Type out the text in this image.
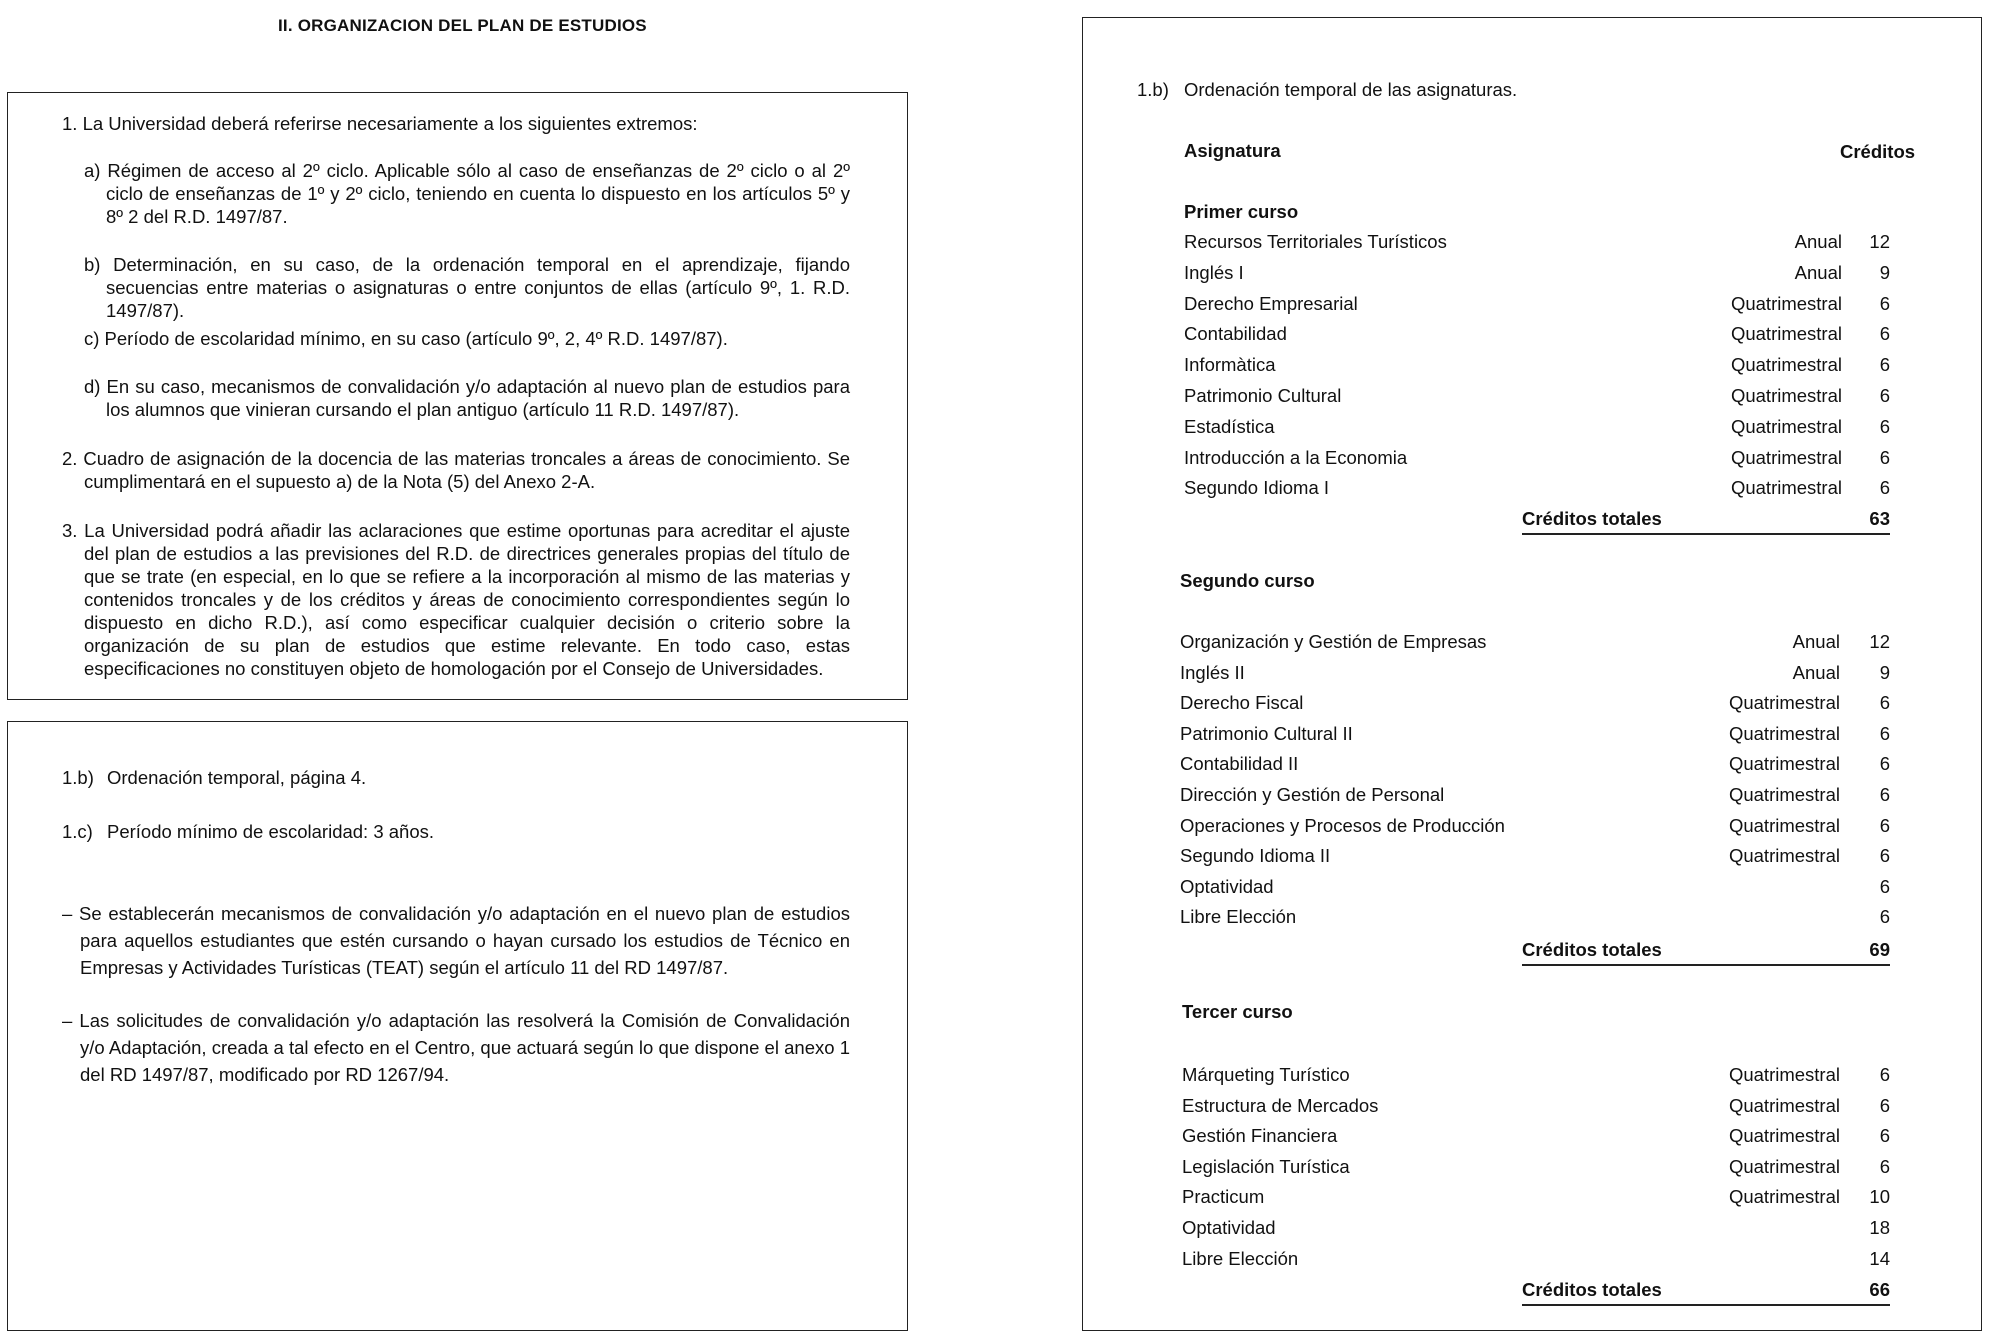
II. ORGANIZACION DEL PLAN DE ESTUDIOS
1. La Universidad deberá referirse necesariamente a los siguientes extremos:
a) Régimen de acceso al 2º ciclo. Aplicable sólo al caso de enseñanzas de 2º ciclo o al 2º ciclo de enseñanzas de 1º y 2º ciclo, teniendo en cuenta lo dispuesto en los artículos 5º y 8º 2 del R.D. 1497/87.
b) Determinación, en su caso, de la ordenación temporal en el aprendizaje, fijando secuencias entre materias o asignaturas o entre conjuntos de ellas (artículo 9º, 1. R.D. 1497/87).
c) Período de escolaridad mínimo, en su caso (artículo 9º, 2, 4º R.D. 1497/87).
d) En su caso, mecanismos de convalidación y/o adaptación al nuevo plan de estudios para los alumnos que vinieran cursando el plan antiguo (artículo 11 R.D. 1497/87).
2. Cuadro de asignación de la docencia de las materias troncales a áreas de conocimiento. Se cumplimentará en el supuesto a) de la Nota (5) del Anexo 2-A.
3. La Universidad podrá añadir las aclaraciones que estime oportunas para acreditar el ajuste del plan de estudios a las previsiones del R.D. de directrices generales propias del título de que se trate (en especial, en lo que se refiere a la incorporación al mismo de las materias y contenidos troncales y de los créditos y áreas de conocimiento correspondientes según lo dispuesto en dicho R.D.), así como especificar cualquier decisión o criterio sobre la organización de su plan de estudios que estime relevante. En todo caso, estas especificaciones no constituyen objeto de homologación por el Consejo de Universidades.
1.b) Ordenación temporal, página 4.
1.c) Período mínimo de escolaridad: 3 años.
– Se establecerán mecanismos de convalidación y/o adaptación en el nuevo plan de estudios para aquellos estudiantes que estén cursando o hayan cursado los estudios de Técnico en Empresas y Actividades Turísticas (TEAT) según el artículo 11 del RD 1497/87.
– Las solicitudes de convalidación y/o adaptación las resolverá la Comisión de Convalidación y/o Adaptación, creada a tal efecto en el Centro, que actuará según lo que dispone el anexo 1 del RD 1497/87, modificado por RD 1267/94.
1.b) Ordenación temporal de las asignaturas.
Asignatura	Créditos
Primer curso
Recursos Territoriales Turísticos	Anual	12
Inglés I	Anual	9
Derecho Empresarial	Quatrimestral	6
Contabilidad	Quatrimestral	6
Informàtica	Quatrimestral	6
Patrimonio Cultural	Quatrimestral	6
Estadística	Quatrimestral	6
Introducción a la Economia	Quatrimestral	6
Segundo Idioma I	Quatrimestral	6
Créditos totales	63
Segundo curso
Organización y Gestión de Empresas	Anual	12
Inglés II	Anual	9
Derecho Fiscal	Quatrimestral	6
Patrimonio Cultural II	Quatrimestral	6
Contabilidad II	Quatrimestral	6
Dirección y Gestión de Personal	Quatrimestral	6
Operaciones y Procesos de Producción	Quatrimestral	6
Segundo Idioma II	Quatrimestral	6
Optatividad	6
Libre Elección	6
Créditos totales	69
Tercer curso
Márqueting Turístico	Quatrimestral	6
Estructura de Mercados	Quatrimestral	6
Gestión Financiera	Quatrimestral	6
Legislación Turística	Quatrimestral	6
Practicum	Quatrimestral	10
Optatividad	18
Libre Elección	14
Créditos totales	66
